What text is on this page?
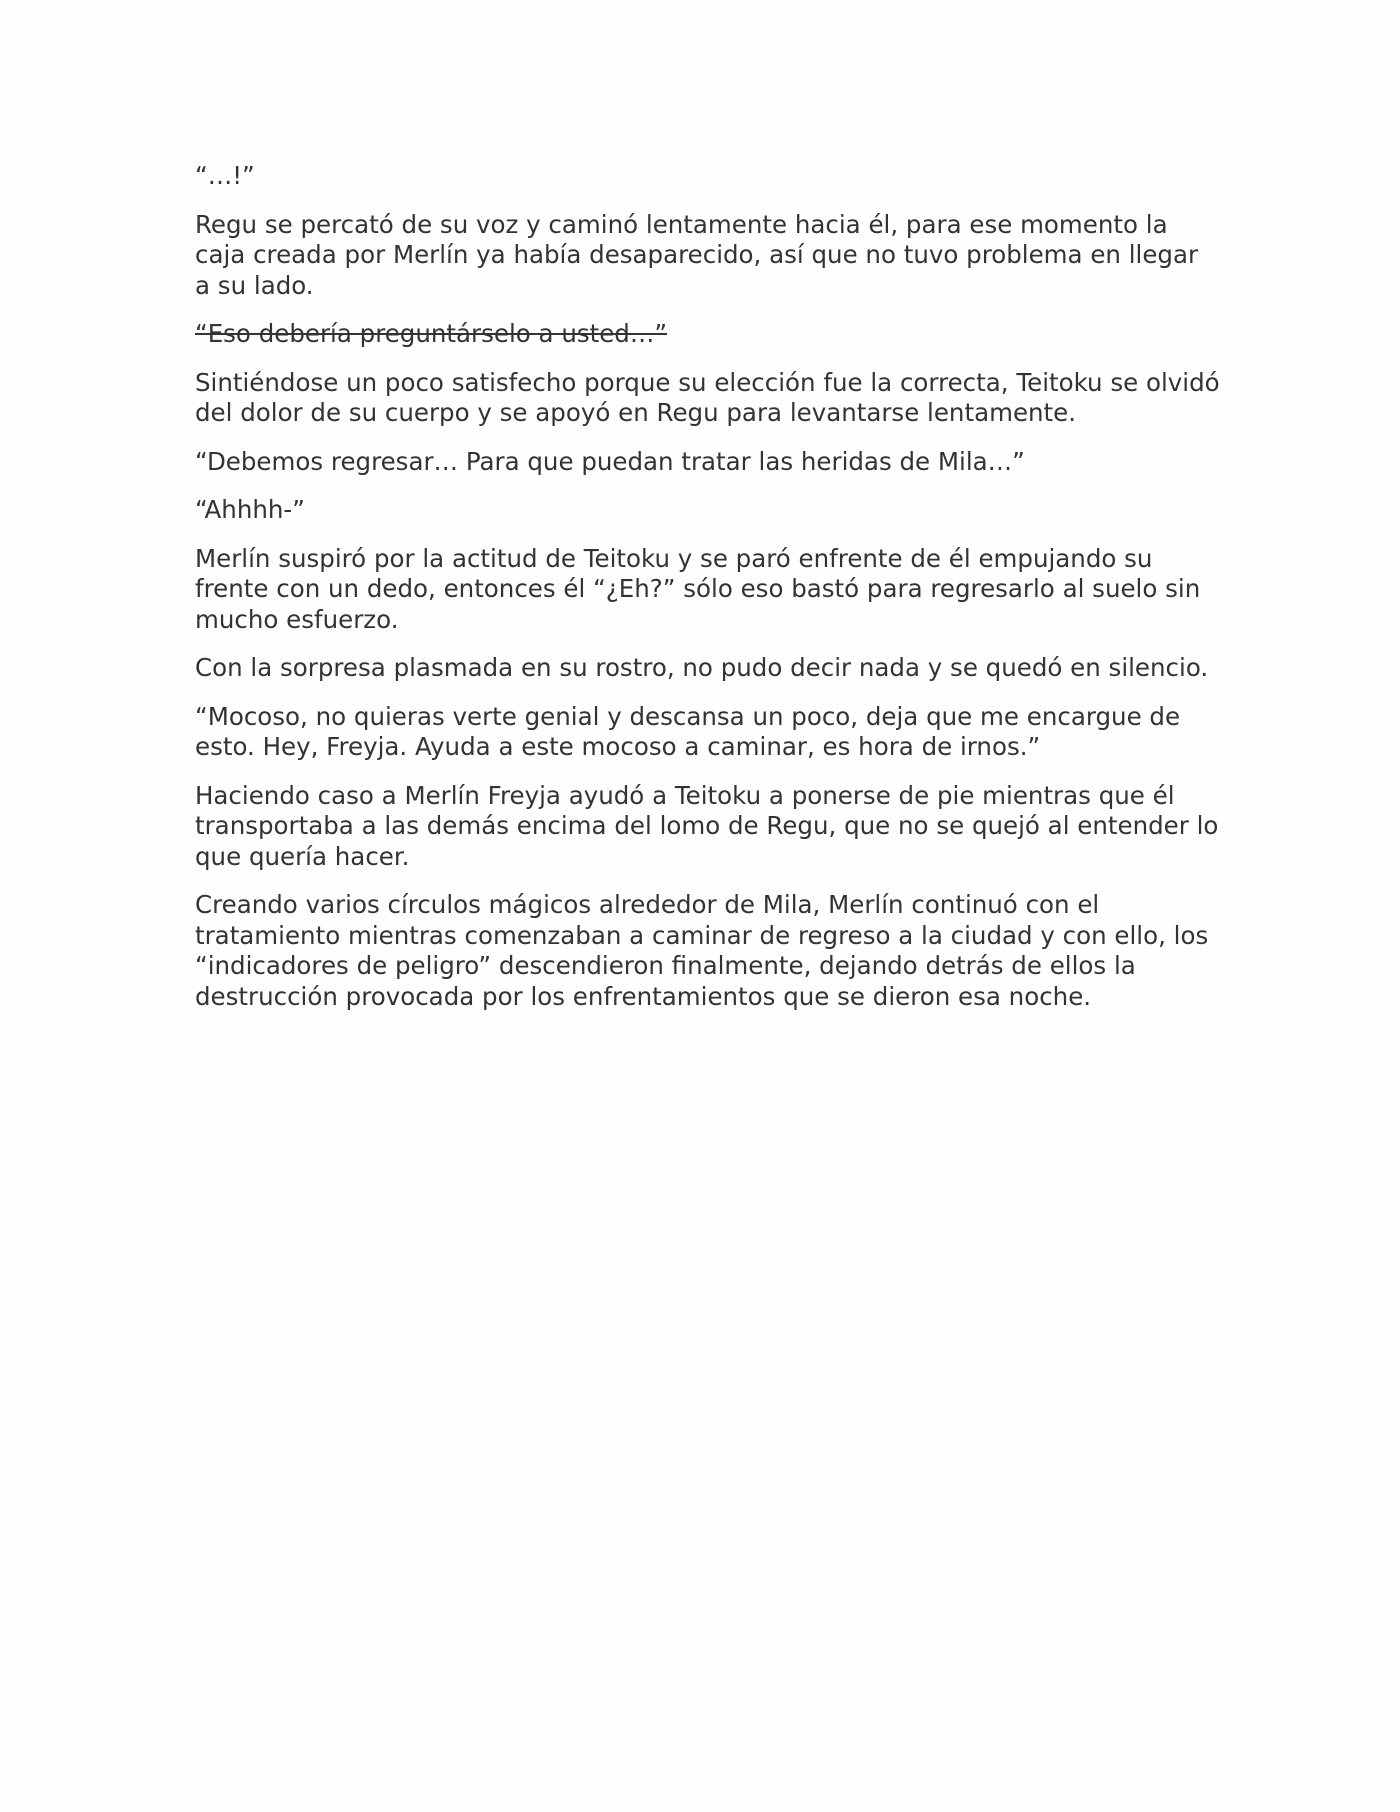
“…!”

Regu se percató de su voz y caminó lentamente hacia él, para ese momento la caja creada por Merlín ya había desaparecido, así que no tuvo problema en llegar a su lado.

“Eso debería preguntárselo a usted…”

Sintiéndose un poco satisfecho porque su elección fue la correcta, Teitoku se olvidó del dolor de su cuerpo y se apoyó en Regu para levantarse lentamente.

“Debemos regresar… Para que puedan tratar las heridas de Mila…”

“Ahhhh-”

Merlín suspiró por la actitud de Teitoku y se paró enfrente de él empujando su frente con un dedo, entonces él “¿Eh?” sólo eso bastó para regresarlo al suelo sin mucho esfuerzo.

Con la sorpresa plasmada en su rostro, no pudo decir nada y se quedó en silencio.

“Mocoso, no quieras verte genial y descansa un poco, deja que me encargue de esto. Hey, Freyja. Ayuda a este mocoso a caminar, es hora de irnos.”

Haciendo caso a Merlín Freyja ayudó a Teitoku a ponerse de pie mientras que él transportaba a las demás encima del lomo de Regu, que no se quejó al entender lo que quería hacer.

Creando varios círculos mágicos alrededor de Mila, Merlín continuó con el tratamiento mientras comenzaban a caminar de regreso a la ciudad y con ello, los “indicadores de peligro” descendieron finalmente, dejando detrás de ellos la destrucción provocada por los enfrentamientos que se dieron esa noche.
